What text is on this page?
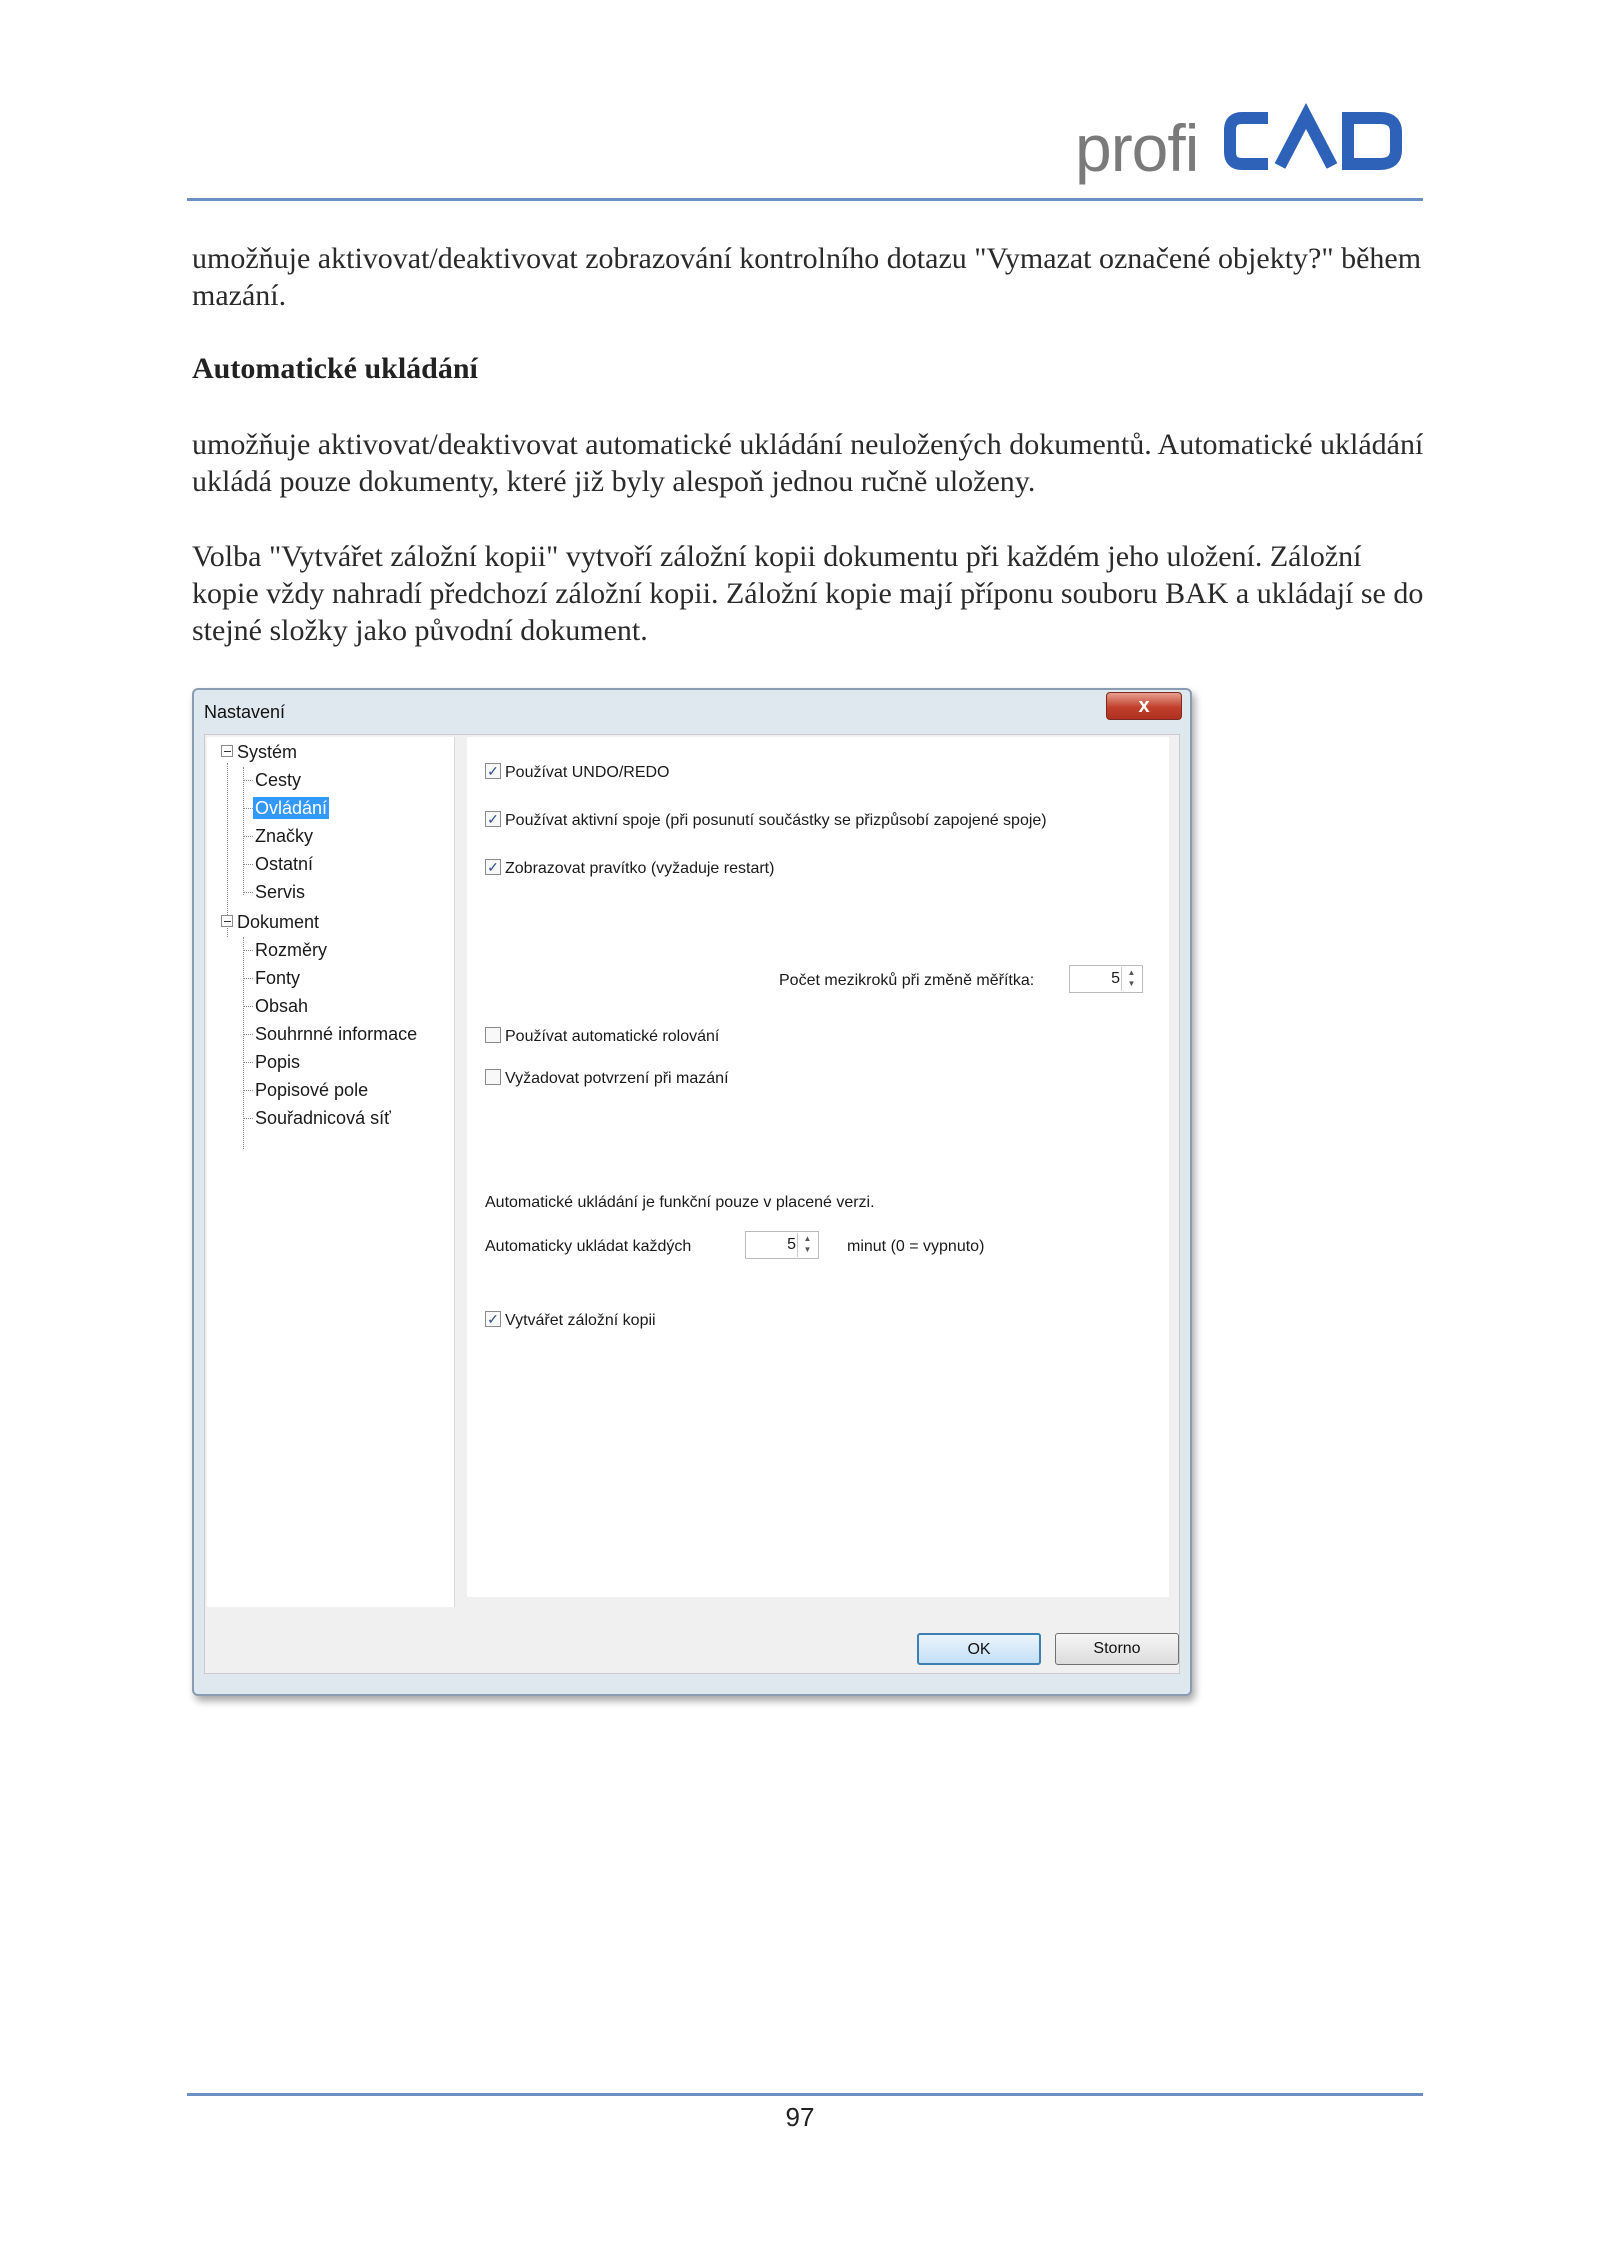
profi

umožňuje aktivovat/deaktivovat zobrazování kontrolního dotazu "Vymazat označené objekty?" během mazání.

Automatické ukládání

umožňuje aktivovat/deaktivovat automatické ukládání neuložených dokumentů. Automatické ukládání ukládá pouze dokumenty, které již byly alespoň jednou ručně uloženy.

Volba "Vytvářet záložní kopii" vytvoří záložní kopii dokumentu při každém jeho uložení. Záložní kopie vždy nahradí předchozí záložní kopii. Záložní kopie mají příponu souboru BAK a ukládají se do stejné složky jako původní dokument.

Nastavení	x
Systém
Cesty
Ovládání
Značky
Ostatní
Servis
Dokument
Rozměry
Fonty
Obsah
Souhrnné informace
Popis
Popisové pole
Souřadnicová síť
✓ Používat UNDO/REDO
✓ Používat aktivní spoje (při posunutí součástky se přizpůsobí zapojené spoje)
✓ Zobrazovat pravítko (vyžaduje restart)
Počet mezikroků při změně měřítka:	5 ▲
▼
Používat automatické rolování
Vyžadovat potvrzení při mazání
Automatické ukládání je funkční pouze v placené verzi.
Automaticky ukládat každých	5 ▲
▼	minut (0 = vypnuto)
✓ Vytvářet záložní kopii
OK	Storno
97
